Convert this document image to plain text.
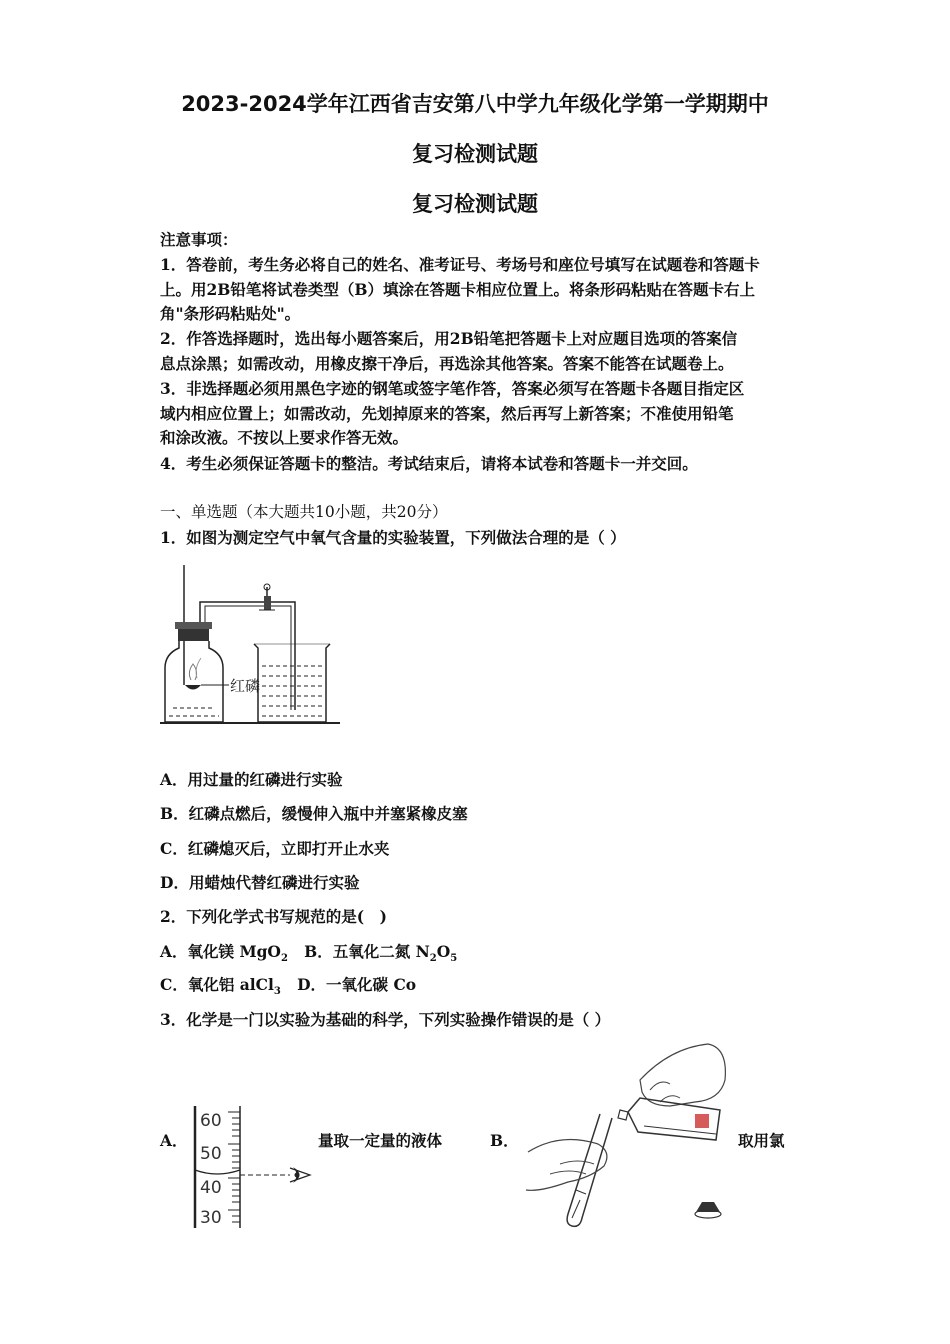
2023-2024学年江西省吉安第八中学九年级化学第一学期期中
复习检测试题
复习检测试题
注意事项：
1．答卷前，考生务必将自己的姓名、准考证号、考场号和座位号填写在试题卷和答题卡
上。用2B铅笔将试卷类型（B）填涂在答题卡相应位置上。将条形码粘贴在答题卡右上
角"条形码粘贴处"。
2．作答选择题时，选出每小题答案后，用2B铅笔把答题卡上对应题目选项的答案信
息点涂黑；如需改动，用橡皮擦干净后，再选涂其他答案。答案不能答在试题卷上。
3．非选择题必须用黑色字迹的钢笔或签字笔作答，答案必须写在答题卡各题目指定区
域内相应位置上；如需改动，先划掉原来的答案，然后再写上新答案；不准使用铅笔
和涂改液。不按以上要求作答无效。
4．考生必须保证答题卡的整洁。考试结束后，请将本试卷和答题卡一并交回。
一、单选题（本大题共10小题，共20分）
1．如图为测定空气中氧气含量的实验装置，下列做法合理的是（ ）
红磷
A．用过量的红磷进行实验
B．红磷点燃后，缓慢伸入瓶中并塞紧橡皮塞
C．红磷熄灭后，立即打开止水夹
D．用蜡烛代替红磷进行实验
2．下列化学式书写规范的是(　)
A．氧化镁 MgO$_2$ B．五氧化二氮 $N_2O_5$
C．氧化铝 alCl$_3$ D．一氧化碳 Co
3．化学是一门以实验为基础的科学，下列实验操作错误的是（ ）
A．
60
50
40
30
量取一定量的液体	B．	取用氯
